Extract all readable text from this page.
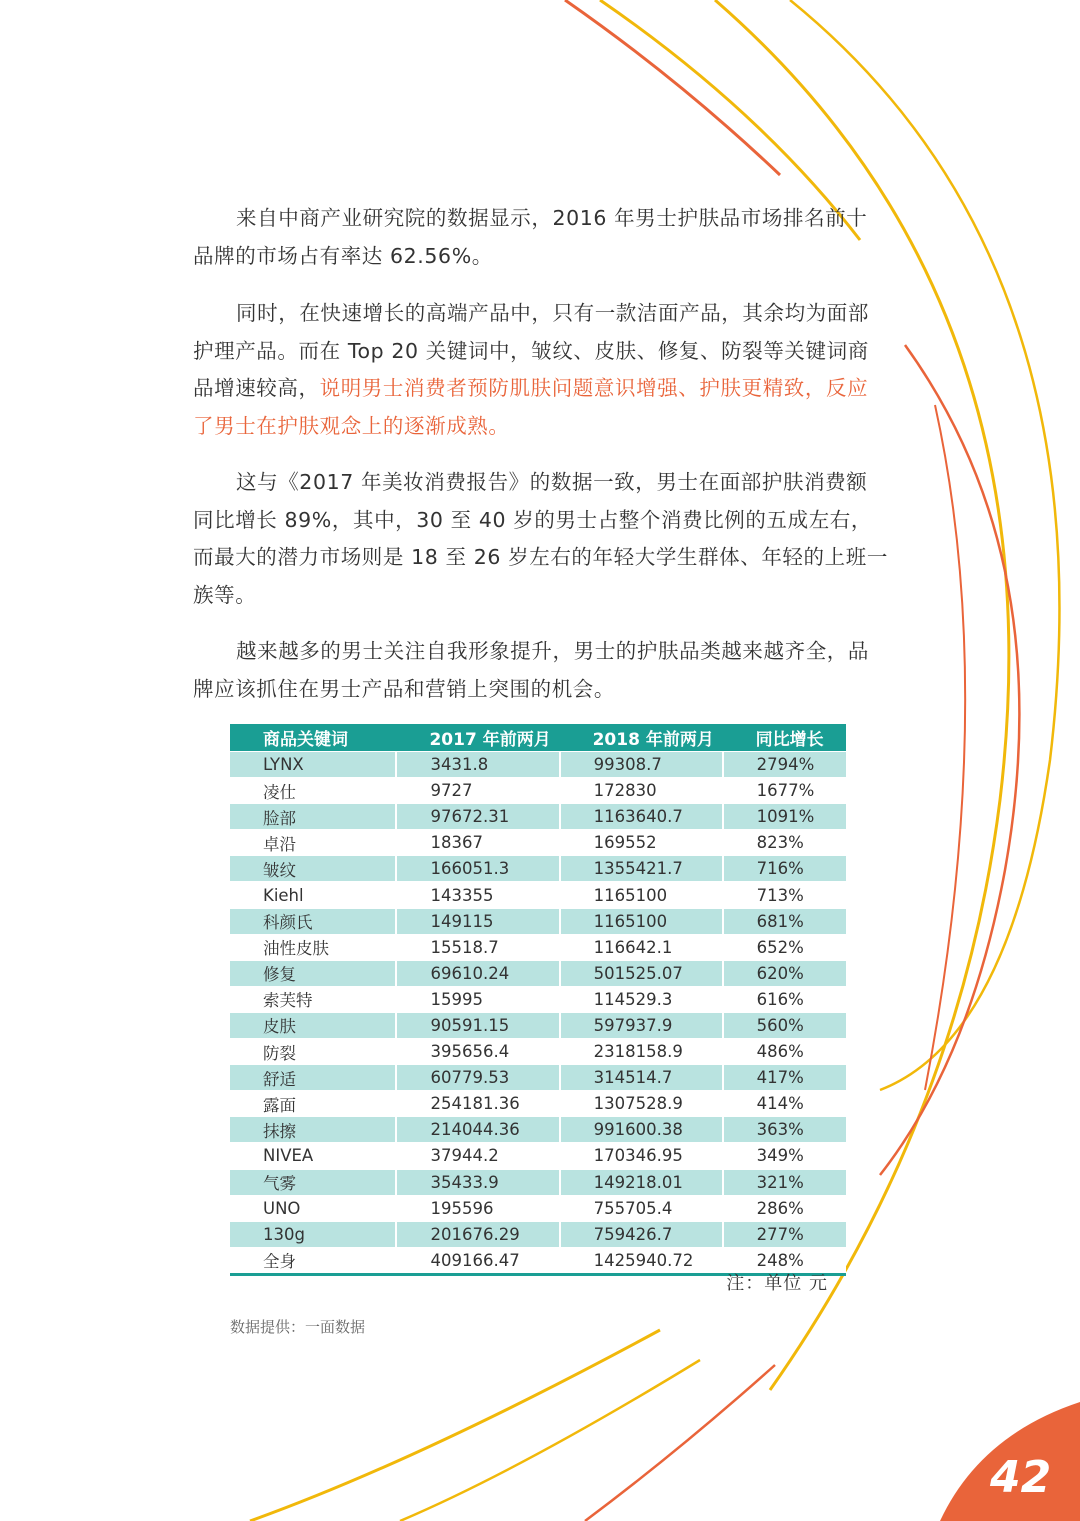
来自中商产业研究院的数据显示，2016 年男士护肤品市场排名前十品牌的市场占有率达 62.56%。

同时，在快速增长的高端产品中，只有一款洁面产品，其余均为面部护理产品。而在 Top 20 关键词中，皱纹、皮肤、修复、防裂等关键词商品增速较高，说明男士消费者预防肌肤问题意识增强、护肤更精致，反应了男士在护肤观念上的逐渐成熟。

这与《2017 年美妆消费报告》的数据一致，男士在面部护肤消费额同比增长 89%，其中，30 至 40 岁的男士占整个消费比例的五成左右，而最大的潜力市场则是 18 至 26 岁左右的年轻大学生群体、年轻的上班一族等。

越来越多的男士关注自我形象提升，男士的护肤品类越来越齐全，品牌应该抓住在男士产品和营销上突围的机会。

商品关键词	2017 年前两月	2018 年前两月	同比增长
LYNX	3431.8	99308.7	2794%
凌仕	9727	172830	1677%
脸部	97672.31	1163640.7	1091%
卓沿	18367	169552	823%
皱纹	166051.3	1355421.7	716%
Kiehl	143355	1165100	713%
科颜氏	149115	1165100	681%
油性皮肤	15518.7	116642.1	652%
修复	69610.24	501525.07	620%
索芙特	15995	114529.3	616%
皮肤	90591.15	597937.9	560%
防裂	395656.4	2318158.9	486%
舒适	60779.53	314514.7	417%
露面	254181.36	1307528.9	414%
抹擦	214044.36	991600.38	363%
NIVEA	37944.2	170346.95	349%
气雾	35433.9	149218.01	321%
UNO	195596	755705.4	286%
130g	201676.29	759426.7	277%
全身	409166.47	1425940.72	248%
注：单位 元
数据提供：一面数据
42
